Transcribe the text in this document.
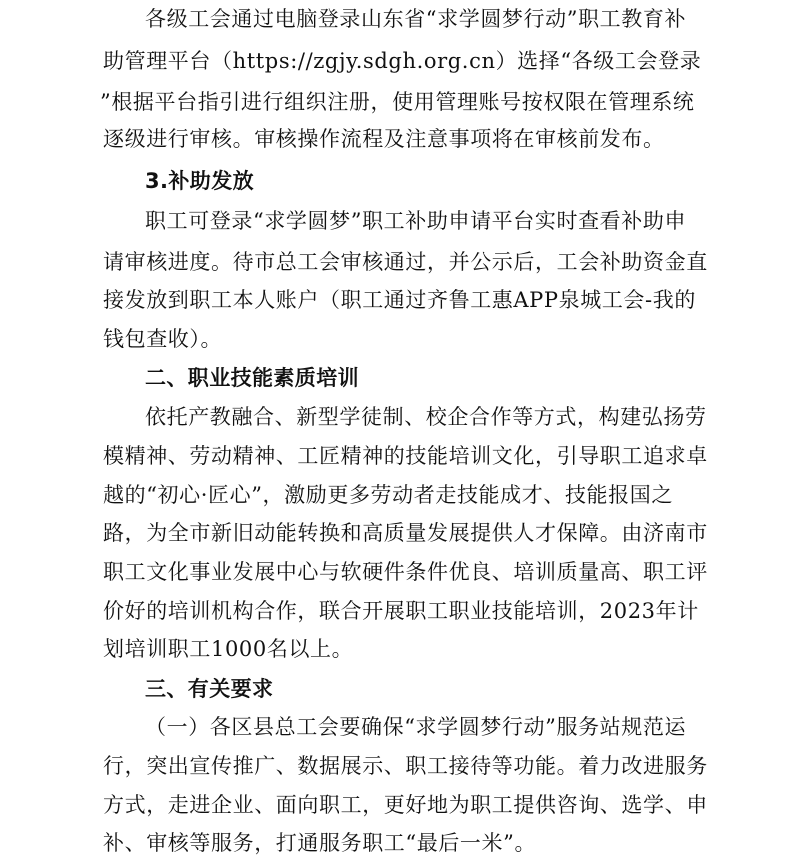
各级工会通过电脑登录山东省“求学圆梦行动”职工教育补
助管理平台（https://zgjy.sdgh.org.cn）选择“各级工会登录
”根据平台指引进行组织注册，使用管理账号按权限在管理系统
逐级进行审核。审核操作流程及注意事项将在审核前发布。
3.补助发放
职工可登录“求学圆梦”职工补助申请平台实时查看补助申
请审核进度。待市总工会审核通过，并公示后，工会补助资金直
接发放到职工本人账户（职工通过齐鲁工惠APP泉城工会-我的
钱包查收）。
二、职业技能素质培训
依托产教融合、新型学徒制、校企合作等方式，构建弘扬劳
模精神、劳动精神、工匠精神的技能培训文化，引导职工追求卓
越的“初心·匠心”，激励更多劳动者走技能成才、技能报国之
路，为全市新旧动能转换和高质量发展提供人才保障。由济南市
职工文化事业发展中心与软硬件条件优良、培训质量高、职工评
价好的培训机构合作，联合开展职工职业技能培训，2023年计
划培训职工1000名以上。
三、有关要求
（一）各区县总工会要确保“求学圆梦行动”服务站规范运
行，突出宣传推广、数据展示、职工接待等功能。着力改进服务
方式，走进企业、面向职工，更好地为职工提供咨询、选学、申
补、审核等服务，打通服务职工“最后一米”。
